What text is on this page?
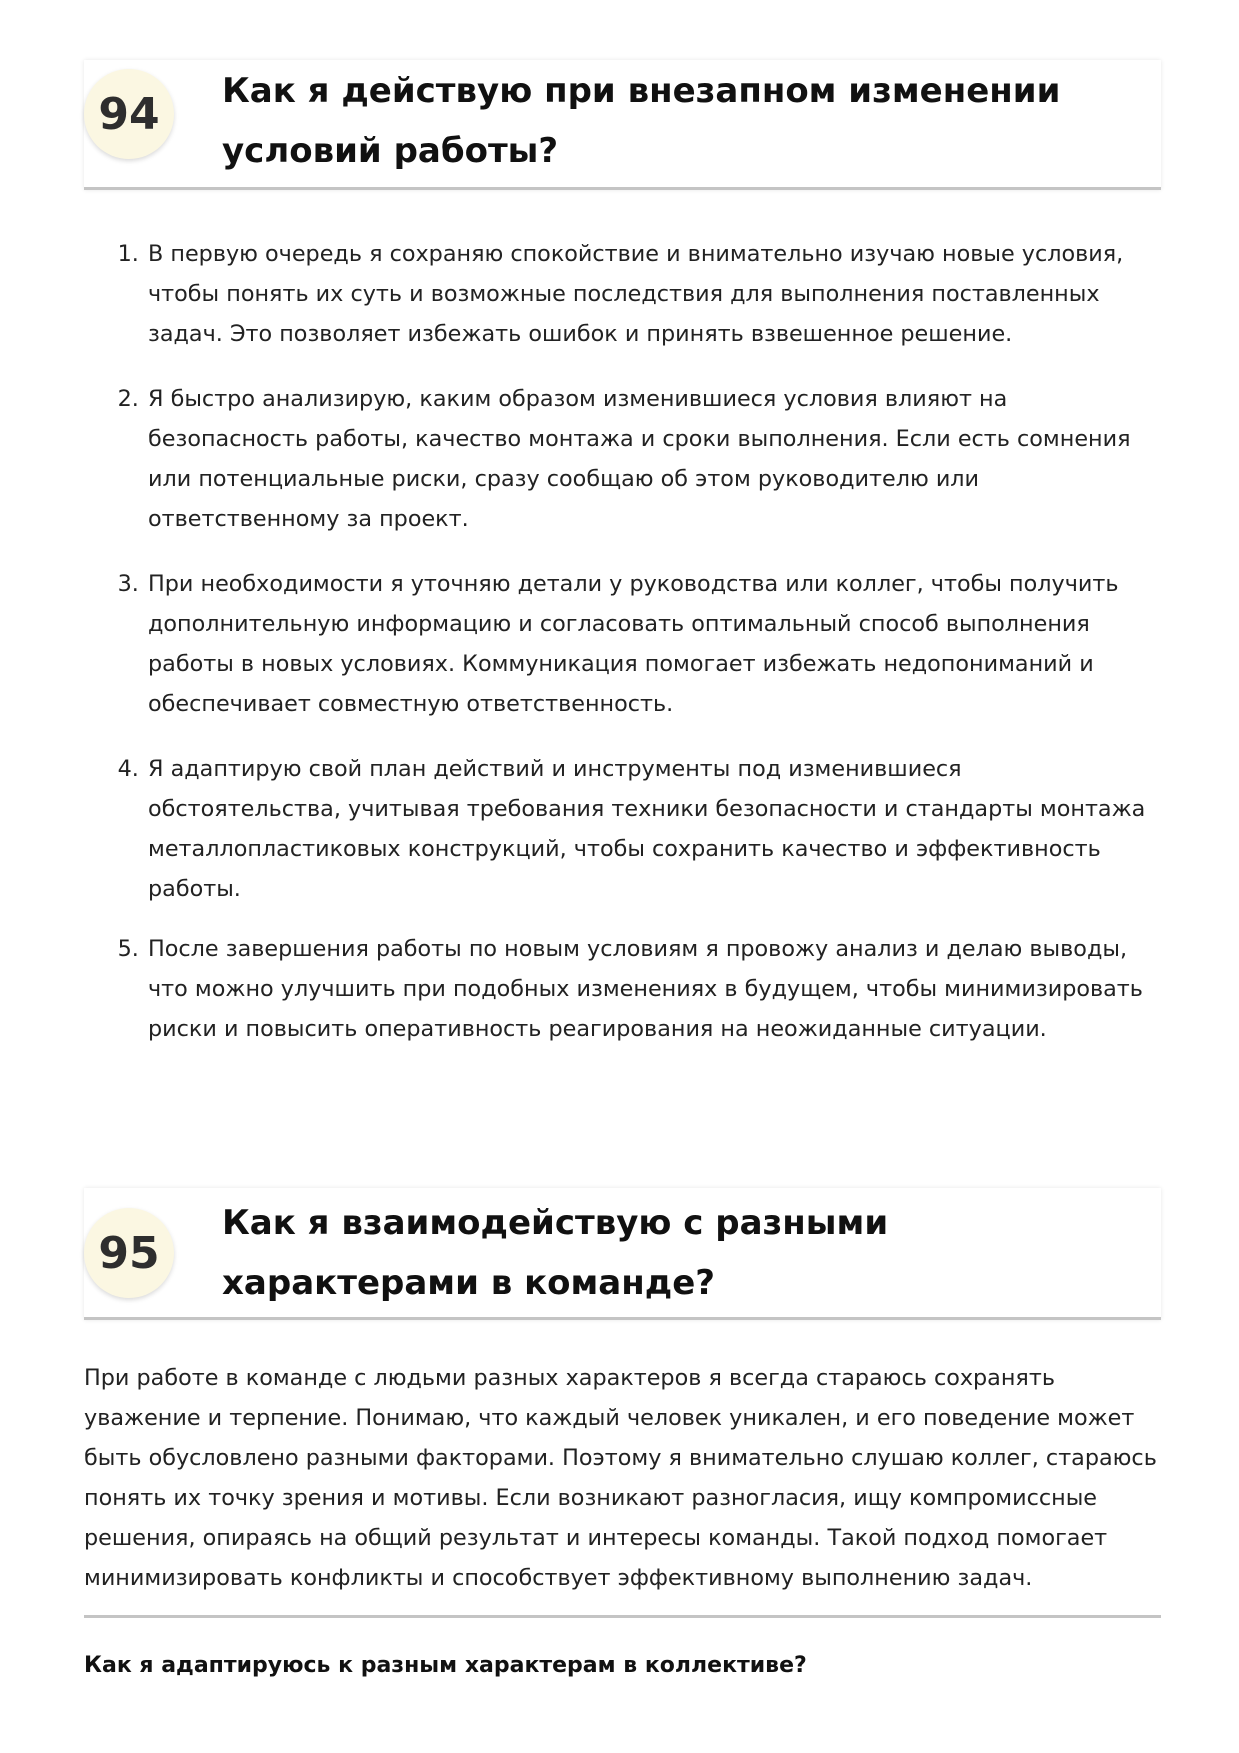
94	Как я действую при внезапном изменении условий работы?
1. В первую очередь я сохраняю спокойствие и внимательно изучаю новые условия, чтобы понять их суть и возможные последствия для выполнения поставленных задач. Это позволяет избежать ошибок и принять взвешенное решение.
2. Я быстро анализирую, каким образом изменившиеся условия влияют на безопасность работы, качество монтажа и сроки выполнения. Если есть сомнения или потенциальные риски, сразу сообщаю об этом руководителю или ответственному за проект.
3. При необходимости я уточняю детали у руководства или коллег, чтобы получить дополнительную информацию и согласовать оптимальный способ выполнения работы в новых условиях. Коммуникация помогает избежать недопониманий и обеспечивает совместную ответственность.
4. Я адаптирую свой план действий и инструменты под изменившиеся обстоятельства, учитывая требования техники безопасности и стандарты монтажа металлопластиковых конструкций, чтобы сохранить качество и эффективность работы.
5. После завершения работы по новым условиям я провожу анализ и делаю выводы, что можно улучшить при подобных изменениях в будущем, чтобы минимизировать риски и повысить оперативность реагирования на неожиданные ситуации.
95
Как я взаимодействую с разными характерами в команде?

При работе в команде с людьми разных характеров я всегда стараюсь сохранять уважение и терпение. Понимаю, что каждый человек уникален, и его поведение может быть обусловлено разными факторами. Поэтому я внимательно слушаю коллег, стараюсь понять их точку зрения и мотивы. Если возникают разногласия, ищу компромиссные решения, опираясь на общий результат и интересы команды. Такой подход помогает минимизировать конфликты и способствует эффективному выполнению задач.

Как я адаптируюсь к разным характерам в коллективе?
